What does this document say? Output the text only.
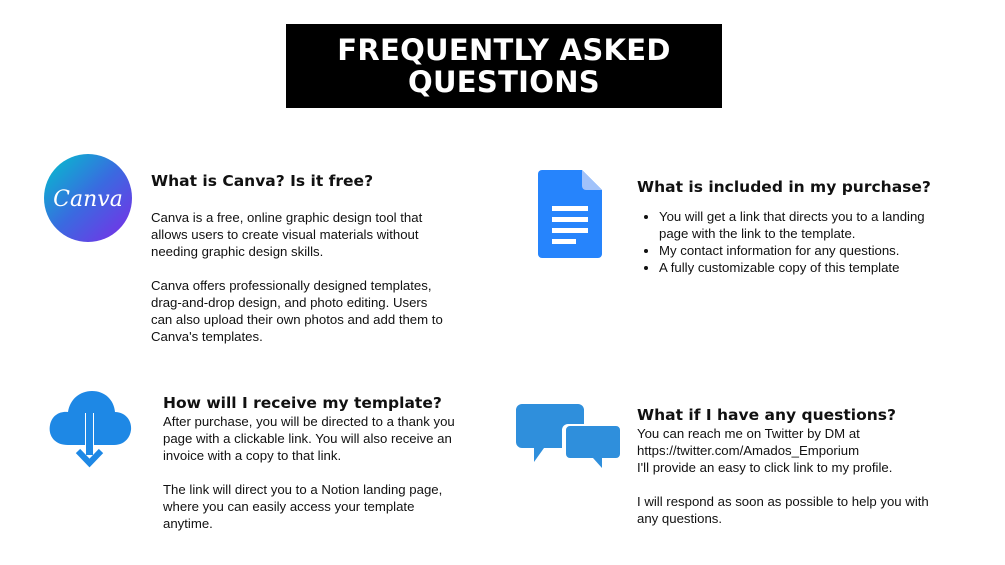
FREQUENTLY ASKED
QUESTIONS
Canva
What is Canva? Is it free?

Canva is a free, online graphic design tool that
allows users to create visual materials without
needing graphic design skills.

Canva offers professionally designed templates,
drag-and-drop design, and photo editing. Users
can also upload their own photos and add them to
Canva's templates.

What is included in my purchase?
• You will get a link that directs you to a landing
page with the link to the template.
• My contact information for any questions.
• A fully customizable copy of this template
How will I receive my template?

After purchase, you will be directed to a thank you
page with a clickable link. You will also receive an
invoice with a copy to that link.

The link will direct you to a Notion landing page,
where you can easily access your template
anytime.

What if I have any questions?

You can reach me on Twitter by DM at
https://twitter.com/Amados_Emporium
I'll provide an easy to click link to my profile.

I will respond as soon as possible to help you with
any questions.
